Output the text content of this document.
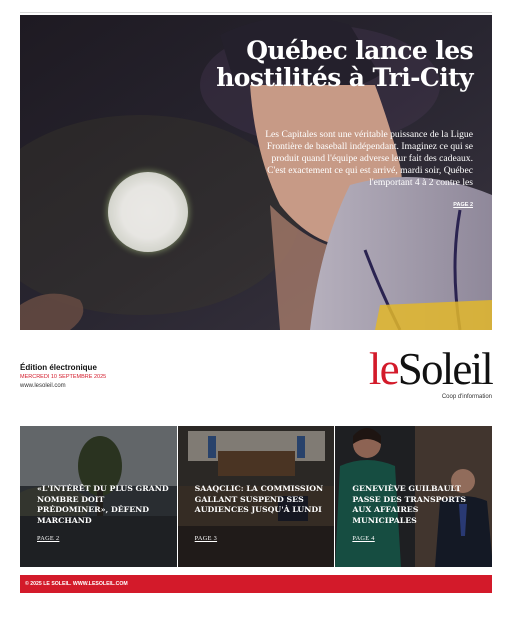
Québec lance les hostilités à Tri-City

Les Capitales sont une véritable puissance de la Ligue Frontière de baseball indépendant. Imaginez ce qui se produit quand l'équipe adverse leur fait des cadeaux. C'est exactement ce qui est arrivé, mardi soir, Québec l'emportant 4 à 2 contre les

PAGE 2
Édition électronique
MERCREDI 10 SEPTEMBRE 2025
www.lesoleil.com	leSoleil
Coop d'information
«L'INTÉRÊT DU PLUS GRAND NOMBRE DOIT PRÉDOMINER», DÉFEND MARCHAND
PAGE 2
SAAQCLIC: LA COMMISSION GALLANT SUSPEND SES AUDIENCES JUSQU'À LUNDI
PAGE 3
GENEVIÈVE GUILBAULT PASSE DES TRANSPORTS AUX AFFAIRES MUNICIPALES
PAGE 4
© 2025 LE SOLEIL. WWW.LESOLEIL.COM
